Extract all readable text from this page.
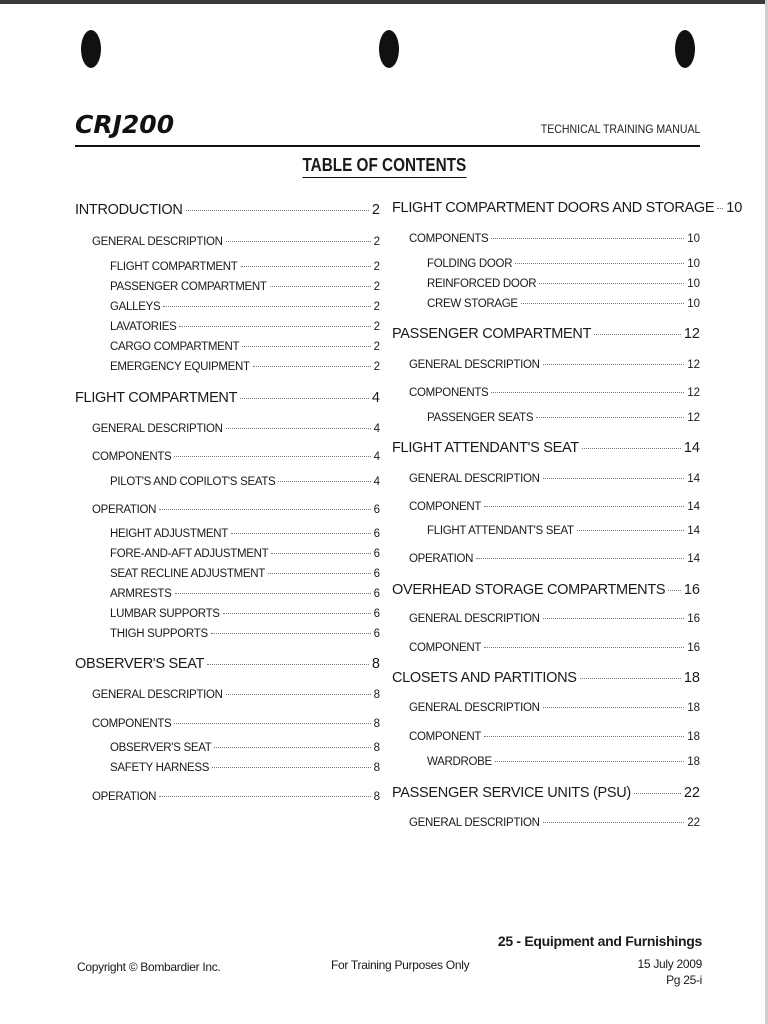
CRJ200	TECHNICAL TRAINING MANUAL
TABLE OF CONTENTS
INTRODUCTION	2
GENERAL DESCRIPTION	2
FLIGHT COMPARTMENT	2
PASSENGER COMPARTMENT	2
GALLEYS	2
LAVATORIES	2
CARGO COMPARTMENT	2
EMERGENCY EQUIPMENT	2
FLIGHT COMPARTMENT	4
GENERAL DESCRIPTION	4
COMPONENTS	4
PILOT'S AND COPILOT'S SEATS	4
OPERATION	6
HEIGHT ADJUSTMENT	6
FORE-AND-AFT ADJUSTMENT	6
SEAT RECLINE ADJUSTMENT	6
ARMRESTS	6
LUMBAR SUPPORTS	6
THIGH SUPPORTS	6
OBSERVER'S SEAT	8
GENERAL DESCRIPTION	8
COMPONENTS	8
OBSERVER'S SEAT	8
SAFETY HARNESS	8
OPERATION	8
FLIGHT COMPARTMENT DOORS AND STORAGE 10
COMPONENTS	10
FOLDING DOOR	10
REINFORCED DOOR	10
CREW STORAGE	10
PASSENGER COMPARTMENT	12
GENERAL DESCRIPTION	12
COMPONENTS	12
PASSENGER SEATS	12
FLIGHT ATTENDANT'S SEAT	14
GENERAL DESCRIPTION	14
COMPONENT	14
FLIGHT ATTENDANT'S SEAT	14
OPERATION	14
OVERHEAD STORAGE COMPARTMENTS 16
GENERAL DESCRIPTION	16
COMPONENT	16
CLOSETS AND PARTITIONS	18
GENERAL DESCRIPTION	18
COMPONENT	18
WARDROBE	18
PASSENGER SERVICE UNITS (PSU)	22
GENERAL DESCRIPTION	22
Copyright © Bombardier Inc.	For Training Purposes Only
25 - Equipment and Furnishings
15 July 2009
Pg 25-i
